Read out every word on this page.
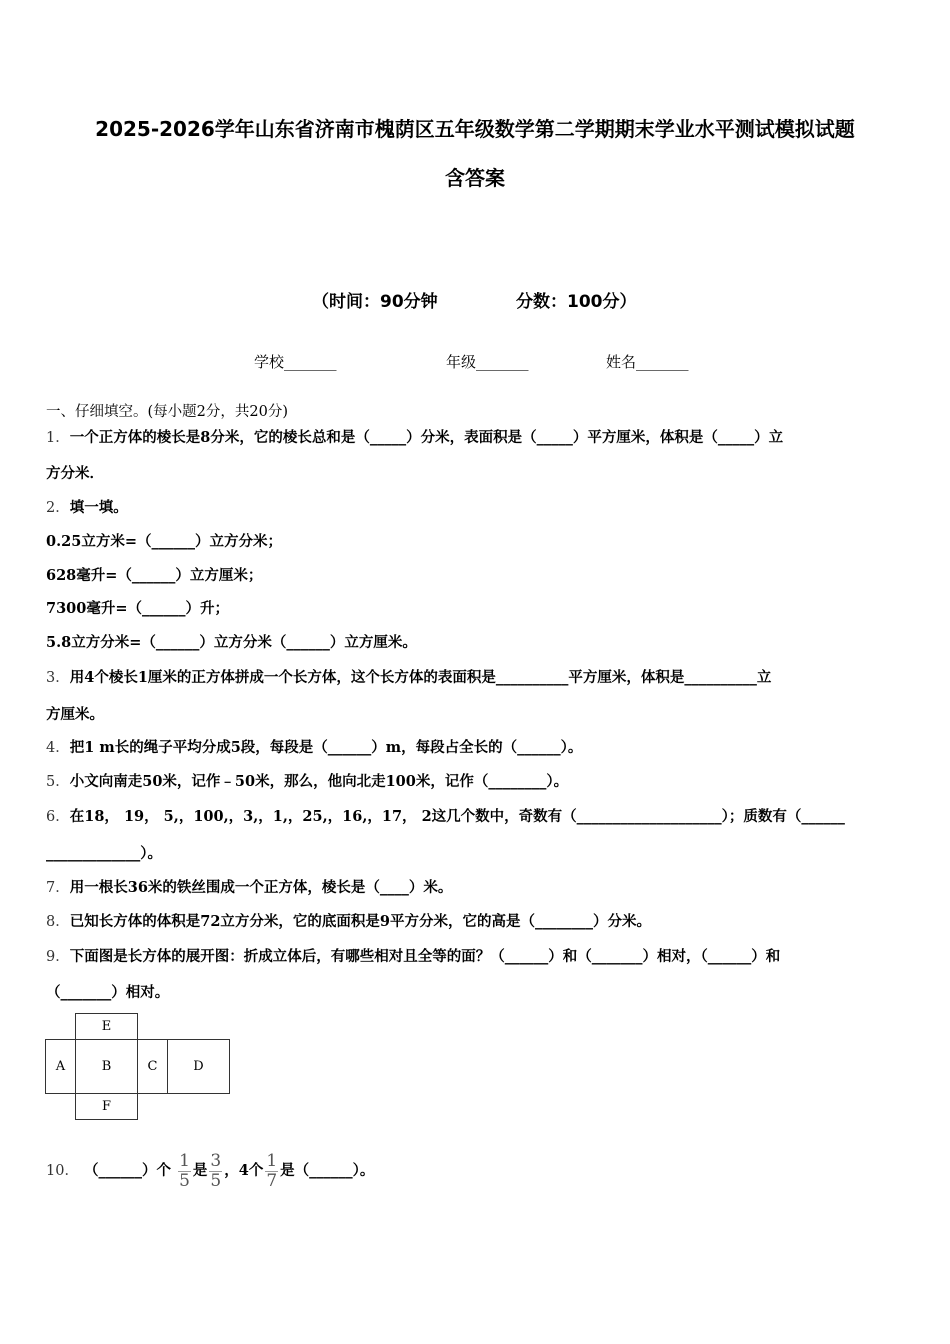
2025-2026学年山东省济南市槐荫区五年级数学第二学期期末学业水平测试模拟试题
含答案
（时间：90分钟	分数：100分）
学校_______	年级_______	姓名_______
一、仔细填空。(每小题2分，共20分)
1．一个正方体的棱长是8分米，它的棱长总和是（_____）分米，表面积是（_____）平方厘米，体积是（_____）立
方分米．
2．填一填。
0.25立方米=（______）立方分米；
628毫升=（______）立方厘米；
7300毫升=（______）升；
5.8立方分米=（______）立方分米（______）立方厘米。
3．用4个棱长1厘米的正方体拼成一个长方体，这个长方体的表面积是__________平方厘米，体积是__________立
方厘米。
4．把1 m长的绳子平均分成5段，每段是（______）m，每段占全长的（______）。
5．小文向南走50米，记作﹣50米，那么，他向北走100米，记作（________）。
6．在18， 19， 5,，100,，3,，1,，25,，16,，17， 2这几个数中，奇数有（____________________）；质数有（______
_____________）。
7．用一根长36米的铁丝围成一个正方体，棱长是（____）米。
8．已知长方体的体积是72立方分米，它的底面积是9平方分米，它的高是（________）分米。
9．下面图是长方体的展开图：折成立体后，有哪些相对且全等的面？（______）和（_______）相对，（______）和
（_______）相对。
E
A	B	C	D
F
10． （______）个 $\frac{1}{5}$ 是 $\frac{3}{5}$ ，4个 $\frac{1}{7}$ 是（______）。
